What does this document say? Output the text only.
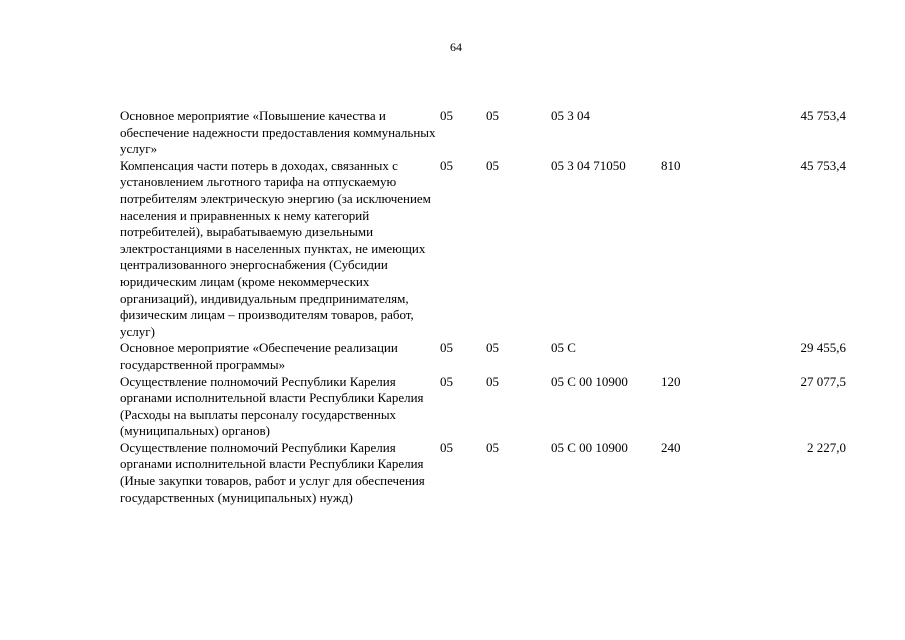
64
Основное мероприятие «Повышение качества и обеспечение надежности предоставления коммунальных услуг»	05	05	05 3 04		45 753,4
Компенсация части потерь в доходах, связанных с установлением льготного тарифа на отпускаемую потребителям электрическую энергию (за исключением населения и приравненных к нему категорий потребителей), вырабатываемую дизельными электростанциями в населенных пунктах, не имеющих централизованного энергоснабжения (Субсидии юридическим лицам (кроме некоммерческих организаций), индивидуальным предпринимателям, физическим лицам – производителям товаров, работ, услуг)	05	05	05 3 04 71050	810	45 753,4
Основное мероприятие «Обеспечение реализации государственной программы»	05	05	05 С		29 455,6
Осуществление полномочий Республики Карелия органами исполнительной власти Республики Карелия (Расходы на выплаты персоналу государственных (муниципальных) органов)	05	05	05 С 00 10900	120	27 077,5
Осуществление полномочий Республики Карелия органами исполнительной власти Республики Карелия (Иные закупки товаров, работ и услуг для обеспечения государственных (муниципальных) нужд)	05	05	05 С 00 10900	240	2 227,0
